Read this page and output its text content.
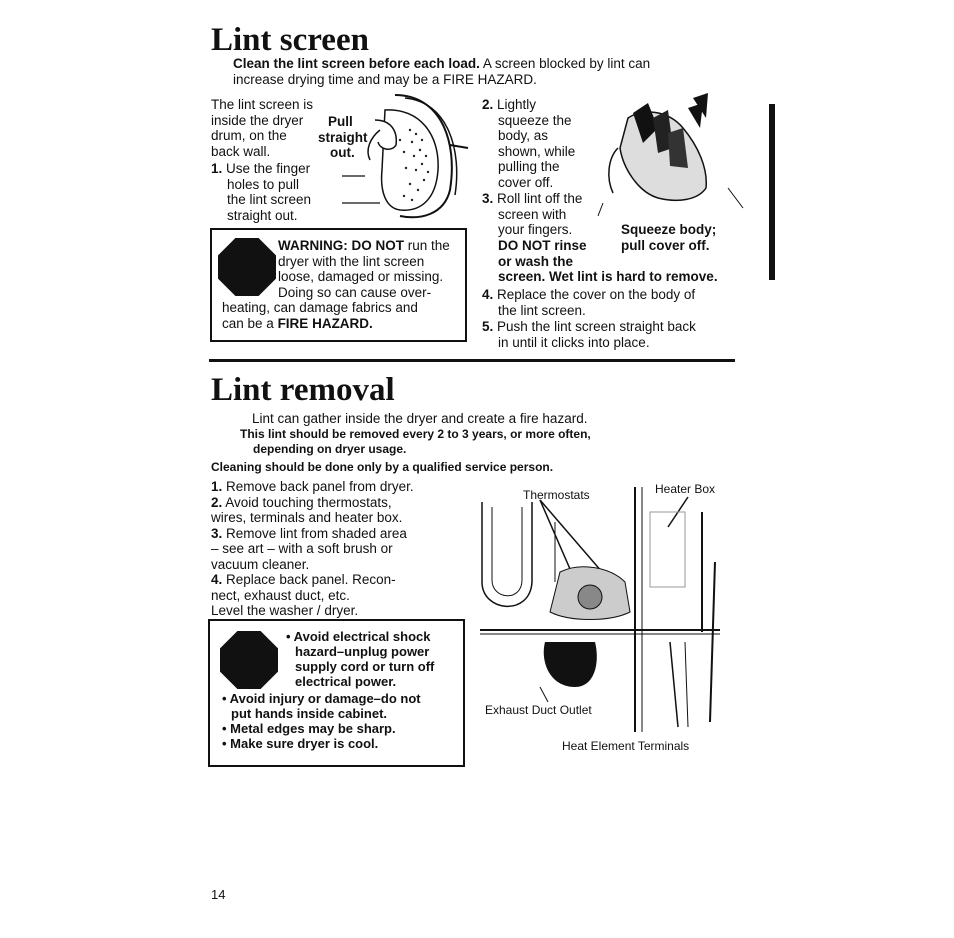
Lint screen
Clean the lint screen before each load. A screen blocked by lint can
increase drying time and may be a FIRE HAZARD.
The lint screen is
inside the dryer
drum, on the
back wall.
Pull
straight
out.
1. Use the finger
holes to pull
the lint screen
straight out.
WARNING: DO NOT run the
dryer with the lint screen
loose, damaged or missing.
Doing so can cause over-
heating, can damage fabrics and
can be a FIRE HAZARD.
2. Lightly
squeeze the
body, as
shown, while
pulling the
cover off.
3. Roll lint off the
screen with
your fingers.	Squeeze body;
pull cover off.
DO NOT rinse
or wash the
screen. Wet lint is hard to remove.
4. Replace the cover on the body of
the lint screen.
5. Push the lint screen straight back
in until it clicks into place.
Lint removal
Lint can gather inside the dryer and create a fire hazard.
This lint should be removed every 2 to 3 years, or more often,
depending on dryer usage.
Cleaning should be done only by a qualified service person.
1. Remove back panel from dryer.
2. Avoid touching thermostats,
wires, terminals and heater box.
3. Remove lint from shaded area
– see art – with a soft brush or
vacuum cleaner.
4. Replace back panel. Recon-
nect, exhaust duct, etc.
Level the washer / dryer.
• Avoid electrical shock
hazard–unplug power
supply cord or turn off
electrical power.
• Avoid injury or damage–do not
put hands inside cabinet.
• Metal edges may be sharp.
• Make sure dryer is cool.
Thermostats	Heater Box
Exhaust Duct Outlet
Heat Element Terminals
14
